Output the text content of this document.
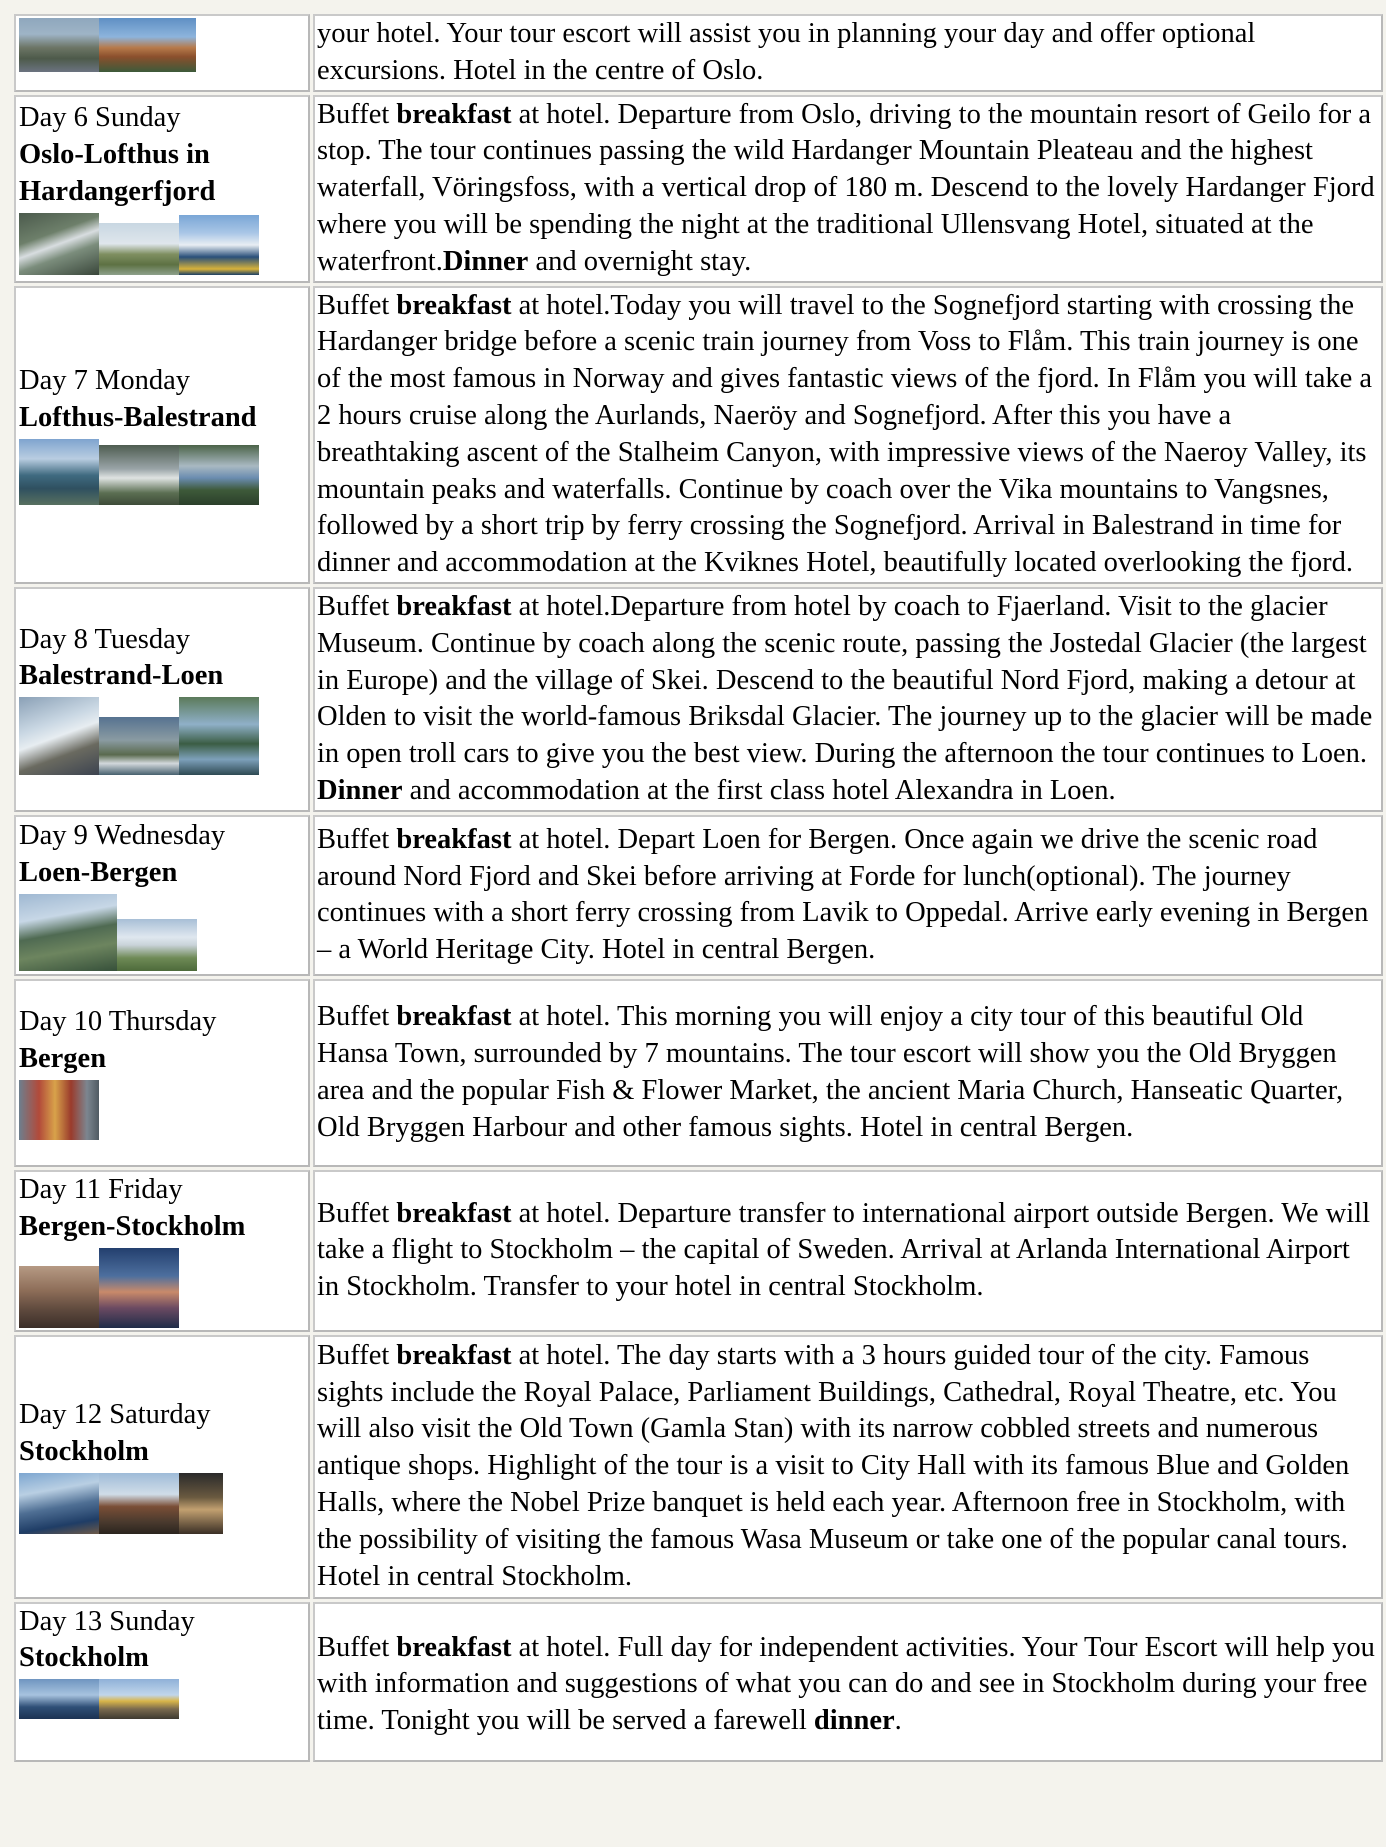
	your hotel. Your tour escort will assist you in planning your day and offer optional excursions. Hotel in the centre of Oslo.

Day 6 Sunday
Oslo-Lofthus in Hardangerfjord	Buffet breakfast at hotel. Departure from Oslo, driving to the mountain resort of Geilo for a stop. The tour continues passing the wild Hardanger Mountain Pleateau and the highest waterfall, Vöringsfoss, with a vertical drop of 180 m. Descend to the lovely Hardanger Fjord where you will be spending the night at the traditional Ullensvang Hotel, situated at the waterfront.Dinner and overnight stay.

Day 7 Monday
Lofthus-Balestrand	Buffet breakfast at hotel.Today you will travel to the Sognefjord starting with crossing the Hardanger bridge before a scenic train journey from Voss to Flåm. This train journey is one of the most famous in Norway and gives fantastic views of the fjord. In Flåm you will take a 2 hours cruise along the Aurlands, Naeröy and Sognefjord. After this you have a breathtaking ascent of the Stalheim Canyon, with impressive views of the Naeroy Valley, its mountain peaks and waterfalls. Continue by coach over the Vika mountains to Vangsnes, followed by a short trip by ferry crossing the Sognefjord. Arrival in Balestrand in time for dinner and accommodation at the Kviknes Hotel, beautifully located overlooking the fjord.

Day 8 Tuesday
Balestrand-Loen	Buffet breakfast at hotel.Departure from hotel by coach to Fjaerland. Visit to the glacier Museum. Continue by coach along the scenic route, passing the Jostedal Glacier (the largest in Europe) and the village of Skei. Descend to the beautiful Nord Fjord, making a detour at Olden to visit the world-famous Briksdal Glacier. The journey up to the glacier will be made in open troll cars to give you the best view. During the afternoon the tour continues to Loen. Dinner and accommodation at the first class hotel Alexandra in Loen.

Day 9 Wednesday
Loen-Bergen	Buffet breakfast at hotel. Depart Loen for Bergen. Once again we drive the scenic road around Nord Fjord and Skei before arriving at Forde for lunch(optional). The journey continues with a short ferry crossing from Lavik to Oppedal. Arrive early evening in Bergen – a World Heritage City. Hotel in central Bergen.

Day 10 Thursday
Bergen	Buffet breakfast at hotel. This morning you will enjoy a city tour of this beautiful Old Hansa Town, surrounded by 7 mountains. The tour escort will show you the Old Bryggen area and the popular Fish & Flower Market, the ancient Maria Church, Hanseatic Quarter, Old Bryggen Harbour and other famous sights. Hotel in central Bergen.

Day 11 Friday
Bergen-Stockholm	Buffet breakfast at hotel. Departure transfer to international airport outside Bergen. We will take a flight to Stockholm – the capital of Sweden. Arrival at Arlanda International Airport in Stockholm. Transfer to your hotel in central Stockholm.

Day 12 Saturday
Stockholm	Buffet breakfast at hotel. The day starts with a 3 hours guided tour of the city. Famous sights include the Royal Palace, Parliament Buildings, Cathedral, Royal Theatre, etc. You will also visit the Old Town (Gamla Stan) with its narrow cobbled streets and numerous antique shops. Highlight of the tour is a visit to City Hall with its famous Blue and Golden Halls, where the Nobel Prize banquet is held each year. Afternoon free in Stockholm, with the possibility of visiting the famous Wasa Museum or take one of the popular canal tours. Hotel in central Stockholm.

Day 13 Sunday
Stockholm	Buffet breakfast at hotel. Full day for independent activities. Your Tour Escort will help you with information and suggestions of what you can do and see in Stockholm during your free time. Tonight you will be served a farewell dinner.
